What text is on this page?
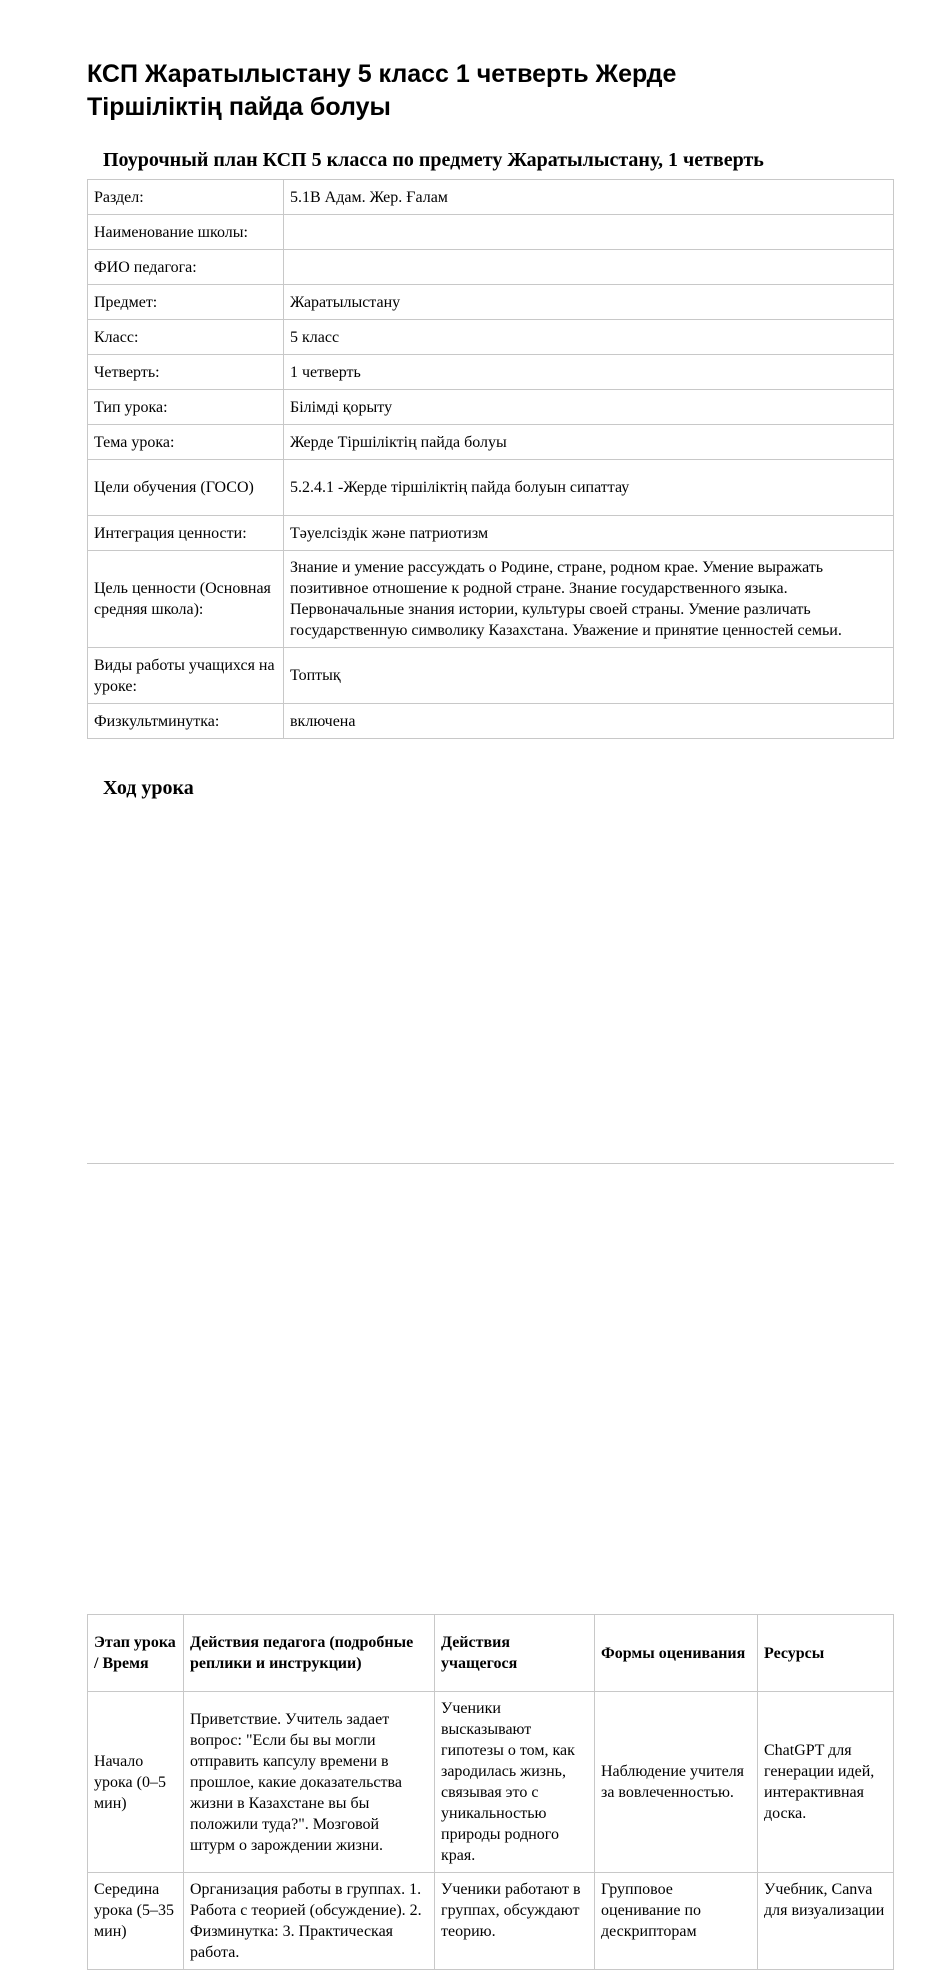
КСП Жаратылыстану 5 класс 1 четверть Жерде Тіршіліктің пайда болуы
Поурочный план КСП 5 класса по предмету Жаратылыстану, 1 четверть
Раздел:	5.1B Адам. Жер. Ғалам
Наименование школы:	
ФИО педагога:	
Предмет:	Жаратылыстану
Класс:	5 класс
Четверть:	1 четверть
Тип урока:	Білімді қорыту
Тема урока:	Жерде Тіршіліктің пайда болуы
Цели обучения (ГОСО)	5.2.4.1 -Жерде тіршіліктің пайда болуын сипаттау
Интеграция ценности:	Тәуелсіздік және патриотизм
Цель ценности (Основная средняя школа):	Знание и умение рассуждать о Родине, стране, родном крае. Умение выражать позитивное отношение к родной стране. Знание государственного языка. Первоначальные знания истории, культуры своей страны. Умение различать государственную символику Казахстана. Уважение и принятие ценностей семьи.
Виды работы учащихся на уроке:	Топтық
Физкультминутка:	включена
Ход урока
Этап урока / Время	Действия педагога (подробные реплики и инструкции)	Действия учащегося	Формы оценивания	Ресурсы
Начало урока (0–5 мин)	Приветствие. Учитель задает вопрос: "Если бы вы могли отправить капсулу времени в прошлое, какие доказательства жизни в Казахстане вы бы положили туда?". Мозговой штурм о зарождении жизни.	Ученики высказывают гипотезы о том, как зародилась жизнь, связывая это с уникальностью природы родного края.	Наблюдение учителя за вовлеченностью.	ChatGPT для генерации идей, интерактивная доска.
Середина урока (5–35 мин)	Организация работы в группах. 1. Работа с теорией (обсуждение). 2. Физминутка: 3. Практическая работа.	Ученики работают в группах, обсуждают теорию.	Групповое оценивание по дескрипторам	Учебник, Canva для визуализации
